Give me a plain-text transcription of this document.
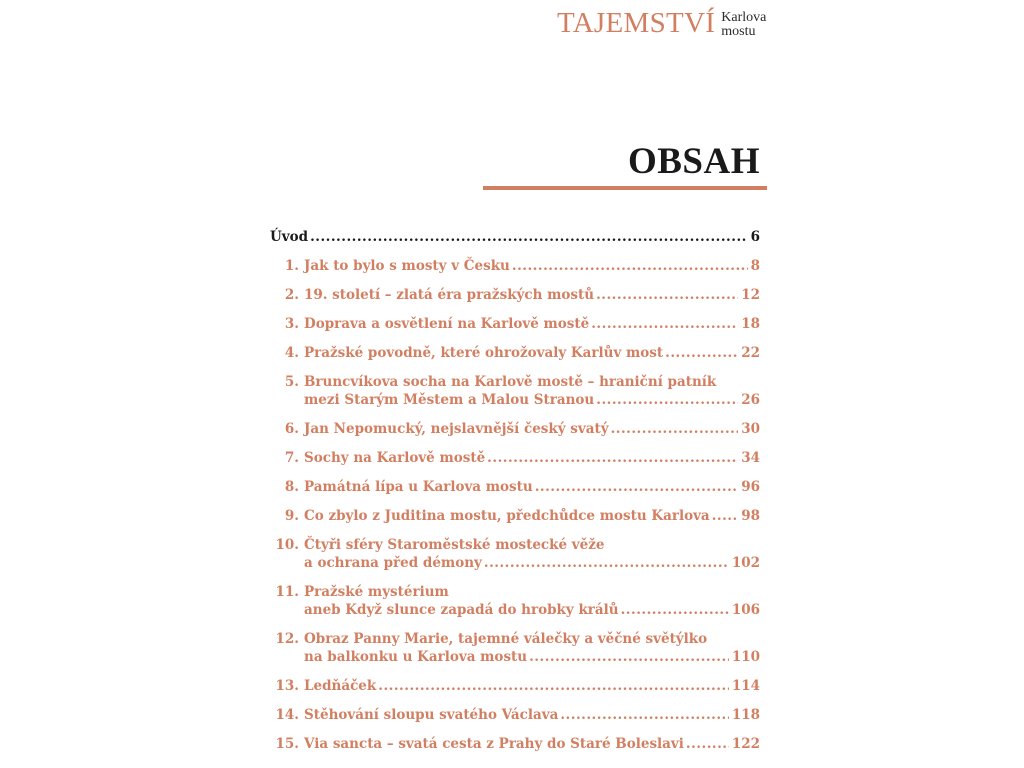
TAJEMSTVÍ Karlova
mostu
OBSAH
Úvod .....	6
1. Jak to bylo s mosty v Česku .....	8
2. 19. století – zlatá éra pražských mostů .....	12
3. Doprava a osvětlení na Karlově mostě .....	18
4. Pražské povodně, které ohrožovaly Karlův most .....	22
5. Bruncvíkova socha na Karlově mostě – hraniční patník
mezi Starým Městem a Malou Stranou .....	26
6. Jan Nepomucký, nejslavnější český svatý .....	30
7. Sochy na Karlově mostě .....	34
8. Památná lípa u Karlova mostu .....	96
9. Co zbylo z Juditina mostu, předchůdce mostu Karlova ..... 98
10. Čtyři sféry Staroměstské mostecké věže
a ochrana před démony .....	102
11. Pražské mystérium
aneb Když slunce zapadá do hrobky králů .....	106
12. Obraz Panny Marie, tajemné válečky a věčné světýlko
na balkonku u Karlova mostu .....	110
13. Ledňáček .....	114
14. Stěhování sloupu svatého Václava .....	118
15. Via sancta – svatá cesta z Prahy do Staré Boleslavi .....	122
